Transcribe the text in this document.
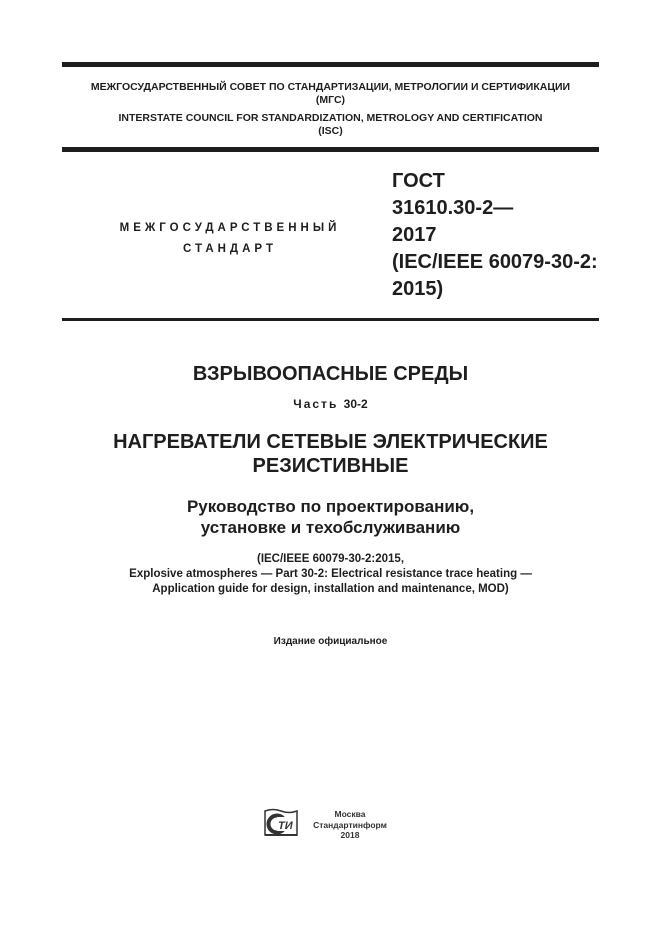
МЕЖГОСУДАРСТВЕННЫЙ СОВЕТ ПО СТАНДАРТИЗАЦИИ, МЕТРОЛОГИИ И СЕРТИФИКАЦИИ
(МГС)
INTERSTATE COUNCIL FOR STANDARDIZATION, METROLOGY AND CERTIFICATION
(ISC)
МЕЖГОСУДАРСТВЕННЫЙ
СТАНДАРТ
ГОСТ
31610.30-2—
2017
(IEC/IEEE 60079-30-2:
2015)
ВЗРЫВООПАСНЫЕ СРЕДЫ
Часть 30-2
НАГРЕВАТЕЛИ СЕТЕВЫЕ ЭЛЕКТРИЧЕСКИЕ
РЕЗИСТИВНЫЕ
Руководство по проектированию,
установке и техобслуживанию
(IEC/IEEE 60079-30-2:2015,
Explosive atmospheres — Part 30-2: Electrical resistance trace heating —
Application guide for design, installation and maintenance, MOD)
Издание официальное
ТИ
Москва
Стандартинформ
2018
